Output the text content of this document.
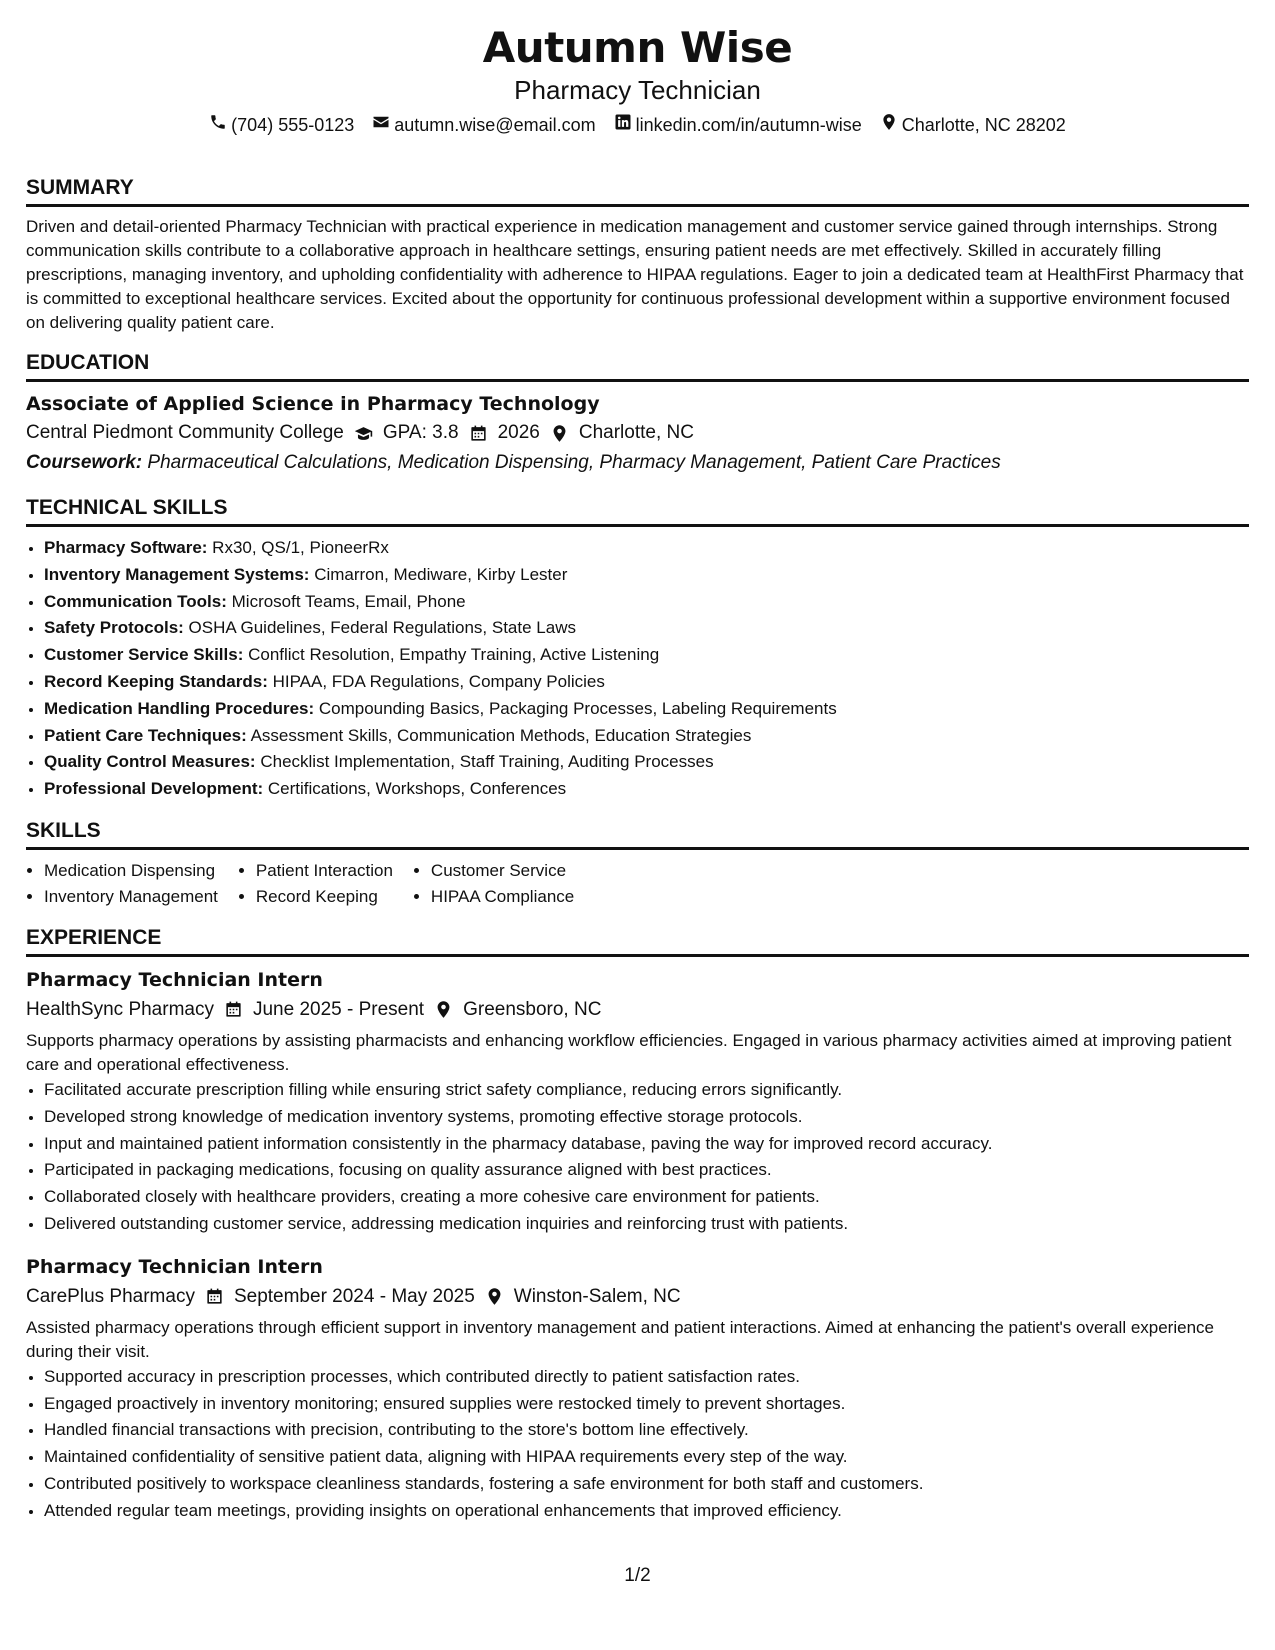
Autumn Wise
Pharmacy Technician
(704) 555-0123 autumn.wise@email.com linkedin.com/in/autumn-wise Charlotte, NC 28202
SUMMARY
Driven and detail-oriented Pharmacy Technician with practical experience in medication management and customer service gained through internships. Strong communication skills contribute to a collaborative approach in healthcare settings, ensuring patient needs are met effectively. Skilled in accurately filling prescriptions, managing inventory, and upholding confidentiality with adherence to HIPAA regulations. Eager to join a dedicated team at HealthFirst Pharmacy that is committed to exceptional healthcare services. Excited about the opportunity for continuous professional development within a supportive environment focused on delivering quality patient care.
EDUCATION
Associate of Applied Science in Pharmacy Technology
Central Piedmont Community College GPA: 3.8 2026 Charlotte, NC
Coursework: Pharmaceutical Calculations, Medication Dispensing, Pharmacy Management, Patient Care Practices
TECHNICAL SKILLS
• Pharmacy Software: Rx30, QS/1, PioneerRx
• Inventory Management Systems: Cimarron, Mediware, Kirby Lester
• Communication Tools: Microsoft Teams, Email, Phone
• Safety Protocols: OSHA Guidelines, Federal Regulations, State Laws
• Customer Service Skills: Conflict Resolution, Empathy Training, Active Listening
• Record Keeping Standards: HIPAA, FDA Regulations, Company Policies
• Medication Handling Procedures: Compounding Basics, Packaging Processes, Labeling Requirements
• Patient Care Techniques: Assessment Skills, Communication Methods, Education Strategies
• Quality Control Measures: Checklist Implementation, Staff Training, Auditing Processes
• Professional Development: Certifications, Workshops, Conferences
SKILLS
• Medication Dispensing
• Inventory Management
• Patient Interaction
• Record Keeping
• Customer Service
• HIPAA Compliance
EXPERIENCE
Pharmacy Technician Intern
HealthSync Pharmacy June 2025 - Present Greensboro, NC
Supports pharmacy operations by assisting pharmacists and enhancing workflow efficiencies. Engaged in various pharmacy activities aimed at improving patient care and operational effectiveness.
• Facilitated accurate prescription filling while ensuring strict safety compliance, reducing errors significantly.
• Developed strong knowledge of medication inventory systems, promoting effective storage protocols.
• Input and maintained patient information consistently in the pharmacy database, paving the way for improved record accuracy.
• Participated in packaging medications, focusing on quality assurance aligned with best practices.
• Collaborated closely with healthcare providers, creating a more cohesive care environment for patients.
• Delivered outstanding customer service, addressing medication inquiries and reinforcing trust with patients.
Pharmacy Technician Intern
CarePlus Pharmacy September 2024 - May 2025 Winston-Salem, NC
Assisted pharmacy operations through efficient support in inventory management and patient interactions. Aimed at enhancing the patient's overall experience during their visit.
• Supported accuracy in prescription processes, which contributed directly to patient satisfaction rates.
• Engaged proactively in inventory monitoring; ensured supplies were restocked timely to prevent shortages.
• Handled financial transactions with precision, contributing to the store's bottom line effectively.
• Maintained confidentiality of sensitive patient data, aligning with HIPAA requirements every step of the way.
• Contributed positively to workspace cleanliness standards, fostering a safe environment for both staff and customers.
• Attended regular team meetings, providing insights on operational enhancements that improved efficiency.
1/2
